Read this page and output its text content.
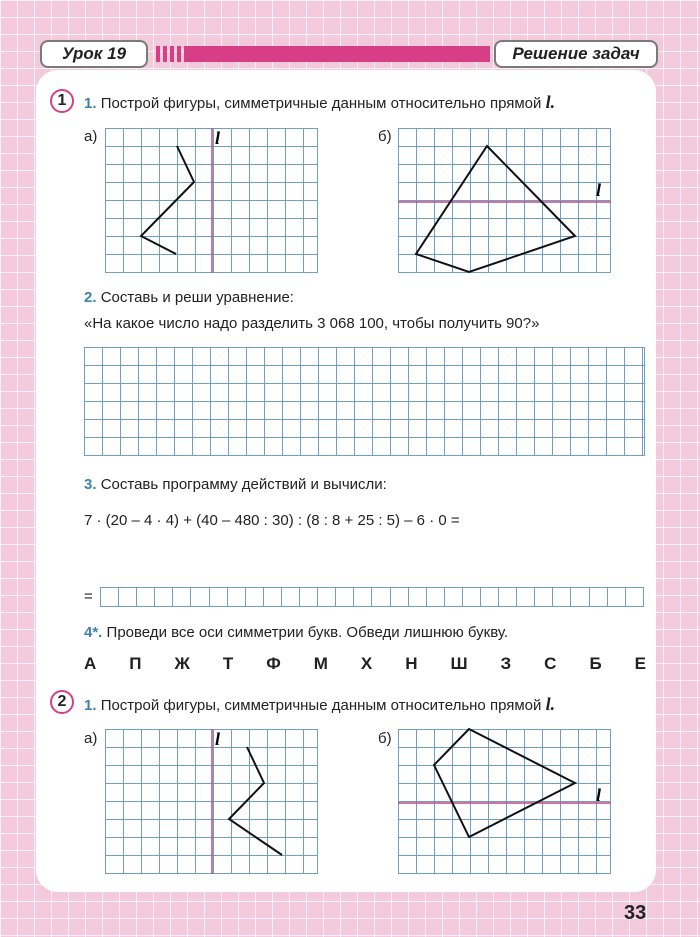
Урок 19	Решение задач
1	1. Построй фигуры, симметричные данным относительно прямой l.
а)	l	б)
l
2. Составь и реши уравнение:
«На какое число надо разделить 3 068 100, чтобы получить 90?»
3. Составь программу действий и вычисли:
7 · (20 – 4 · 4) + (40 – 480 : 30) : (8 : 8 + 25 : 5) – 6 · 0 =
=
4*. Проведи все оси симметрии букв. Обведи лишнюю букву.
А П Ж Т Ф М Х Н Ш З С Б Е
2	1. Построй фигуры, симметричные данным относительно прямой l.
а)	l	б)
l
33
